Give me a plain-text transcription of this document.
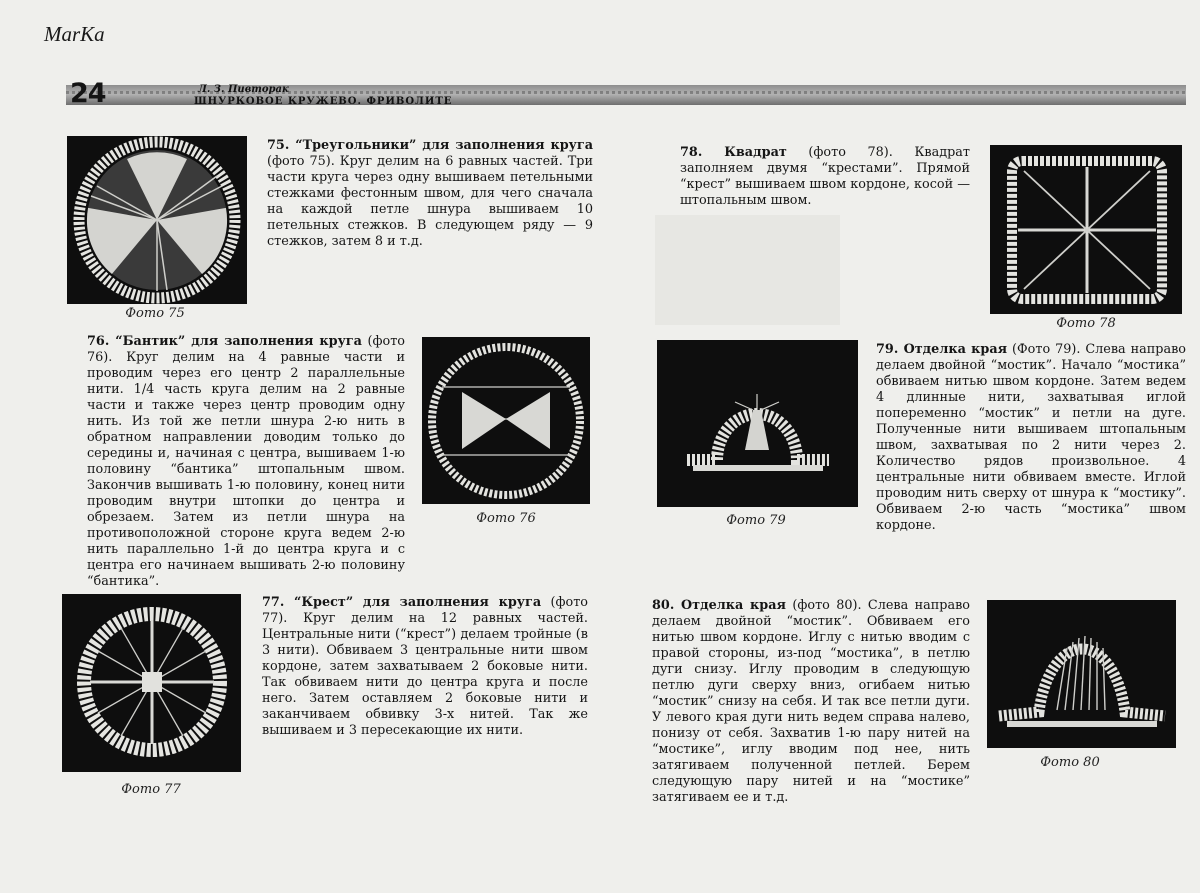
MarKa
24	Л. З. Пивторак
ШНУРКОВОЕ КРУЖЕВО. ФРИВОЛИТЕ
Фото 75

75. “Треугольники” для заполнения круга (фото 75). Круг делим на 6 равных частей. Три части круга через одну вышиваем петельными стежками фестонным швом, для чего сначала на каждой петле шнура вышиваем 10 петельных стежков. В следующем ряду — 9 стежков, затем 8 и т.д.

76. “Бантик” для заполнения круга (фото 76). Круг делим на 4 равные части и проводим через его центр 2 параллельные нити. 1/4 часть круга делим на 2 равные части и также через центр проводим одну нить. Из той же петли шнура 2-ю нить в обратном направлении доводим только до середины и, начиная с центра, вышиваем 1-ю половину “бантика” штопальным швом. Закончив вышивать 1-ю половину, конец нити проводим внутри штопки до центра и обрезаем. Затем из петли шнура на противоположной стороне круга ведем 2-ю нить параллельно 1-й до центра круга и с центра его начинаем вышивать 2-ю половину “бантика”.

Фото 76
Фото 77

77. “Крест” для заполнения круга (фото 77). Круг делим на 12 равных частей. Центральные нити (“крест”) делаем тройные (в 3 нити). Обвиваем 3 центральные нити швом кордоне, затем захватываем 2 боковые нити. Так обвиваем нити до центра круга и после него. Затем оставляем 2 боковые нити и заканчиваем обвивку 3-х нитей. Так же вышиваем и 3 пересекающие их нити.

78. Квадрат (фото 78). Квадрат заполняем двумя “крестами”. Прямой “крест” вышиваем швом кордоне, косой — штопальным швом.

Фото 78
Фото 79

79. Отделка края (Фото 79). Слева направо делаем двойной “мостик”. Начало “мостика” обвиваем нитью швом кордоне. Затем ведем 4 длинные нити, захватывая иглой попеременно “мостик” и петли на дуге. Полученные нити вышиваем штопальным швом, захватывая по 2 нити через 2. Количество рядов произвольное. 4 центральные нити обвиваем вместе. Иглой проводим нить сверху от шнура к “мостику”. Обвиваем 2-ю часть “мостика” швом кордоне.

80. Отделка края (фото 80). Слева направо делаем двойной “мостик”. Обвиваем его нитью швом кордоне. Иглу с нитью вводим с правой стороны, из-под “мостика”, в петлю дуги снизу. Иглу проводим в следующую петлю дуги сверху вниз, огибаем нитью “мостик” снизу на себя. И так все петли дуги. У левого края дуги нить ведем справа налево, понизу от себя. Захватив 1-ю пару нитей на “мостике”, иглу вводим под нее, нить затягиваем полученной петлей. Берем следующую пару нитей и на “мостике” затягиваем ее и т.д.

Фото 80
